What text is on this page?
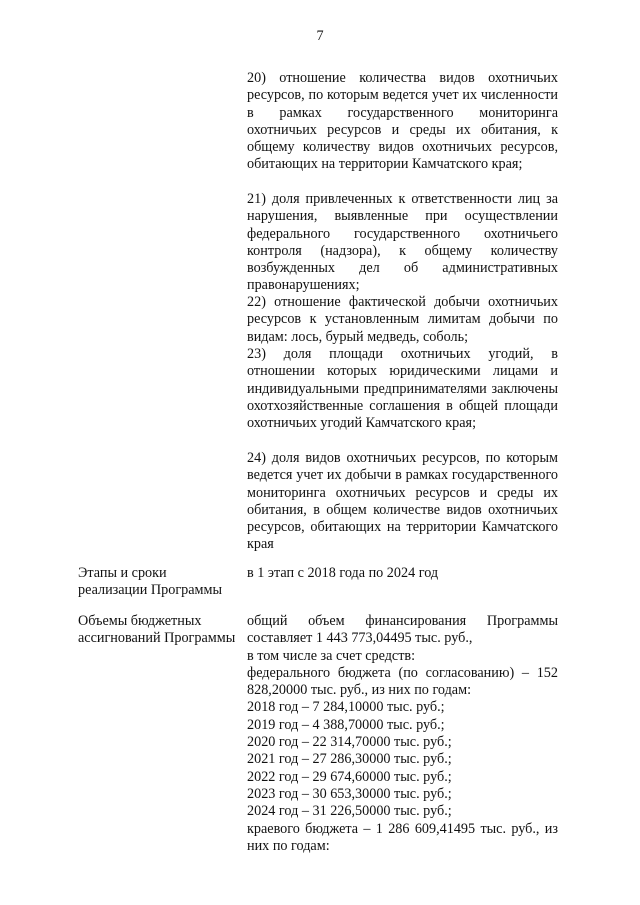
7

20) отношение количества видов охотничьих ресурсов, по которым ведется учет их численности в рамках государственного мониторинга охотничьих ресурсов и среды их обитания, к общему количеству видов охотничьих ресурсов, обитающих на территории Камчатского края;

21) доля привлеченных к ответственности лиц за нарушения, выявленные при осуществлении федерального государственного охотничьего контроля (надзора), к общему количеству возбужденных дел об административных правонарушениях;

22) отношение фактической добычи охотничьих ресурсов к установленным лимитам добычи по видам: лось, бурый медведь, соболь;

23) доля площади охотничьих угодий, в отношении которых юридическими лицами и индивидуальными предпринимателями заключены охотхозяйственные соглашения в общей площади охотничьих угодий Камчатского края;

24) доля видов охотничьих ресурсов, по которым ведется учет их добычи в рамках государственного мониторинга охотничьих ресурсов и среды их обитания, в общем количестве видов охотничьих ресурсов, обитающих на территории Камчатского края

Этапы и сроки реализации Программы
в 1 этап с 2018 года по 2024 год
Объемы бюджетных ассигнований Программы

общий объем финансирования Программы составляет 1 443 773,04495 тыс. руб.,

в том числе за счет средств:

федерального бюджета (по согласованию) – 152 828,20000 тыс. руб., из них по годам:

2018 год – 7 284,10000 тыс. руб.;
2019 год – 4 388,70000 тыс. руб.;
2020 год – 22 314,70000 тыс. руб.;
2021 год – 27 286,30000 тыс. руб.;
2022 год – 29 674,60000 тыс. руб.;
2023 год – 30 653,30000 тыс. руб.;
2024 год – 31 226,50000 тыс. руб.;

краевого бюджета – 1 286 609,41495 тыс. руб., из них по годам:
